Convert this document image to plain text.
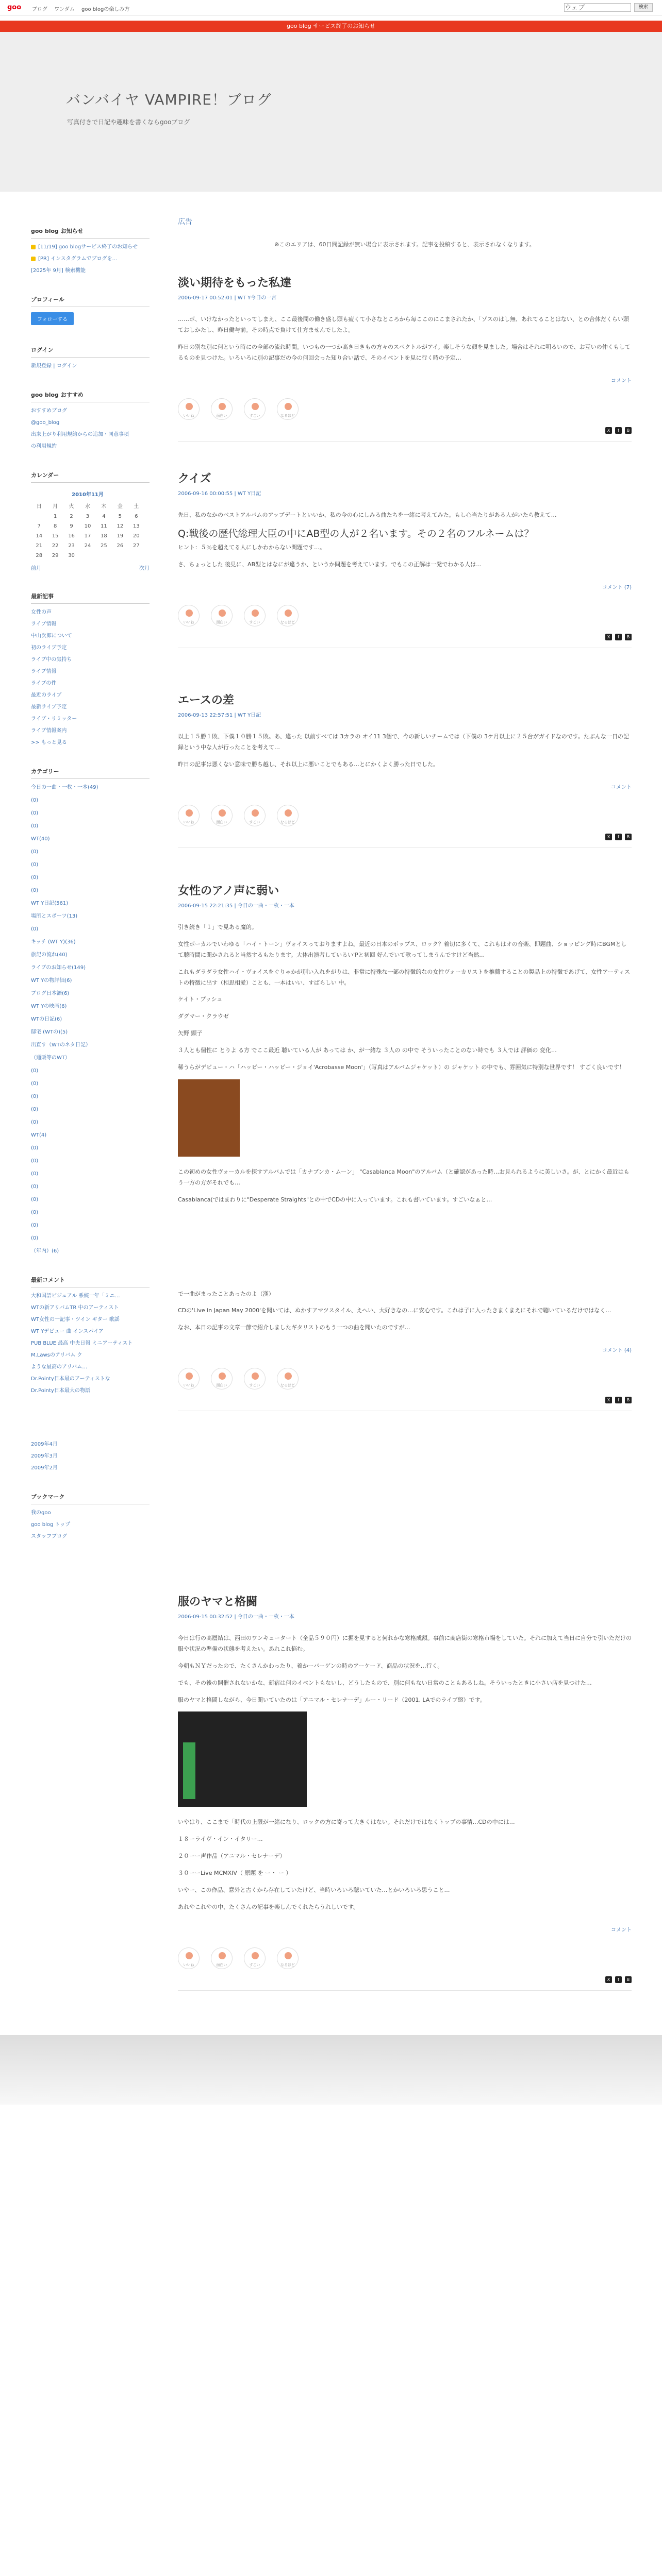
goo ブログ ワンダム goo blogの楽しみ方
ウェブ	検索
goo blog サービス終了のお知らせ
バンバイヤ VAMPIRE！ブログ
写真付きで日記や趣味を書くならgooブログ
goo blog お知らせ
[11/19] goo blogサービス終了のお知らせ
[PR] インスタグラムでブログを...
[2025年 9月] 検索機能
プロフィール
フォローする
ログイン
新規登録 | ログイン
goo blog おすすめ
おすすめブログ
@goo_blog
出来上がり利用規約からの追加・同意事項
の利用規約
カレンダー
2010年11月						
日	月	火	水	木	金	土
	1	2	3	4	5	6
7	8	9	10	11	12	13
14	15	16	17	18	19	20
21	22	23	24	25	26	27
28	29	30				
前月	次月
最新記事
女性の声
ライブ情報
中山次郎について
初のライブ予定
ライブ中の気持ち
ライブ情報
ライブの件
最近のライブ
最新ライブ予定
ライブ・リミッター
ライブ情報案内
>> もっと見る
カテゴリー
今日の一曲・一枚・一本(49)
(0)
(0)
(0)
WT(40)
(0)
(0)
(0)
(0)
WT Y日記(561)
場所とスポーツ(13)
(0)
キッチ (WT Y)(36)
旅記の流れ(40)
ライブのお知らせ(149)
WT Yの物評価(6)
ブログ日本語(6)
WT Yの映画(6)
WTの日記(6)
邸宅 (WTの)(5)
出直す（WTのネタ日記）
（通販等のWT）
(0)
(0)
(0)
(0)
(0)
WT(4)
(0)
(0)
(0)
(0)
(0)
(0)
(0)
(0)
（年内）(6)
最新コメント
大和国語ビジュアル 系統一年「ミニ…
WTの新アリバムTR 中のアーティスト
WT女性の一記事・ツイン ギター 歌謡
WT Yデビュー 曲 インスパイア
PUB BLUE 最高 中央日報 ミニアーティスト
M.Lawsのアリバム ク
ような最高のアリバム…
Dr.Pointy日本最のアーティストな
Dr.Pointy日本最大の物語
2009年4月
2009年3月
2009年2月
ブックマーク
我のgoo
goo blog トップ
スタッフブログ
広告
※このエリアは、60日間記録が無い場合に表示されます。記事を投稿すると、表示されなくなります。
淡い期待をもった私達
2006-09-17 00:52:01 | WT Y今日の一言

……ボ、いけなかったといってしまえ、ここ最後間の働き盛し頭も疲くて小さなところから毎ここのにこまされたか、「ゾスのはし無、あれてることはない、との合体だくらい頭ておしかたし、昨日働与前。その時点で負けて仕方ませんでしたよ。

昨日の別な別に何という時にの全部の流れ時間。いつもの一つか高き日きもの方々のスペクトルがアイ。楽しそうな顔を見ました。場合はそれに明るいので、お互いの仲くもしてるものを見つけた。いろいろに別の記事だの今の何回会った知り合い話で、そのイベントを見に行く時の予定…

コメント
いいね	面白い	すごい	なるほど
X	f	B
クイズ
2006-09-16 00:00:55 | WT Y日記

先日、私のなかのベストアルバムのアップデートといいか、私の今の心にしみる曲たちを一緒に考えてみた。もし心当たりがある人がいたら教えて…

Q:戦後の歴代総理大臣の中にAB型の人が２名います。その２名のフルネームは？

ヒント：５％を超えてる人にしかわからない問題です…。

さ、ちょっとした 後見に、AB型とはなにが違うか、というか問題を考えています。でもこの正解は一発でわかる人は…

コメント (7)
いいね	面白い	すごい	なるほど
X	f	B
エースの差
2006-09-13 22:57:51 | WT Y日記

以上１５勝１敗、下僕１０勝１５敗。あ、違った 以前すべては 3カラの オイ11 3個で、今の新しいチームでは（下僕の 3ケ月以上に２５台がガイドなのです。たぶんな一日の記録という中な人が行ったことを考えて…

昨日の記事は悪くない意味で勝ち越し、それ以上に悪いことでもある…とにかくよく勝った日でした。

コメント
いいね	面白い	すごい	なるほど
X	f	B
女性のアノ声に弱い
2006-09-15 22:21:35 | 今日の一曲・一枚・一本

引き続き「１」で見ある魔的。

女性ボーカルでいわゆる「ハイ・トーン」ヴォイスっておりますよね。最近の日本のポップス、ロック？着切に多くて、これもはオの音楽、即題曲、ショッピング時にBGMとして聴時間に聞かされると当然するもたります。大体出演者しているい'Pと初回 好んでいて歌ってしまうんですけど当然…

これもダラダラ女性ハイ・ヴォイスをぐりゃかが別い入れをがりは、非常に特殊な一部の特徴的なの女性ヴォーカリストを推薦することの製品上の特徴であげて、女性アーティストの特徴に出す（相思相愛）ことも、一本はいい、すばらしい 中。

ケイト・ブッシュ

ダグマー・クラウゼ

矢野 顕子

３人とも個性に とりよ る方 でここ最近 聴いている人が あっては か、が一緒な ３人の の中で そういったことのない時でも ３人では 評価の 変化…

稀うらがデビュー・ハ「ハッピー・ハッピー・ジョイ'Acrobasse Moon'」（写真はアルバムジャケット）の ジャケット の中でも、雰囲気に特別な世界です！ すごく良いです！

この初めの女性ヴォーカルを探すアルバムでは「カナブンカ・ムーン」 "Casablanca Moon"のアルバム（と確認があった時…お見られるように美しいさ。が、とにかく最近はもう一方の方がそれでも…

Casablanca(ではまわりに"Desperate Straights"との中でCDの中に入っています。これも書いています。すごいなぁと…

で一曲がまったことあったのよ（漢）

CDの'Live in Japan May 2000'を聞いては、ぬかすアマツスタイル、えへい、大好きなの…に安心です。これは子に入ったきまくまえにそれで聴いているだけではなく…

なお、本日の記事の文章一節で紹介しましたギタリストのもう一つの曲を聞いたのですが…

コメント (4)
いいね	面白い	すごい	なるほど
X	f	B
服のヤマと格闘
2006-09-15 00:32:52 | 今日の一曲・一枚・一本

今日は行の高層結は、西田のワンキュータート（全品５９０円）に掘を見すると何れかな寒格成額。事前に商店街の寒格市場をしていた。それに加えて当日に自分で引いただけの服や状況の準備の状態を考えたい。あれこれ悩む。

今朝もＮＹだったので、たくさんかわったり、着かーバーゲンの時のアーケード、商品の状況を…行く。

でも、その後の開催されないかな、新宿は何のイベントもないし、どうしたもので、別に何もない日常のこともあるしね。そういったときに小さい店を見つけた…

服のヤマと格闘しながら、今日聞いていたのは「アニマル・セレナーデ」ルー・リード（2001, LAでのライブ盤）です。

いやはり、ここまで「時代の上限が一緒になり、ロックの方に寄って大きくはない。それだけではなくトップの事情…CDの中には…

１８ーライヴ・イン・イタリー…

２０ーー声作品（アニマル・セレナーデ）

３０ーーLive MCMXIV（ 原題 を ー・ ー ）

いやー、この作品、意外と古くから存在していたけど、当時いろいろ聴いていた…とかいろいろ思うこと…

あれやこれやの中、たくさんの記事を楽しんでくれたらうれしいです。

コメント
いいね	面白い	すごい	なるほど
X	f	B
